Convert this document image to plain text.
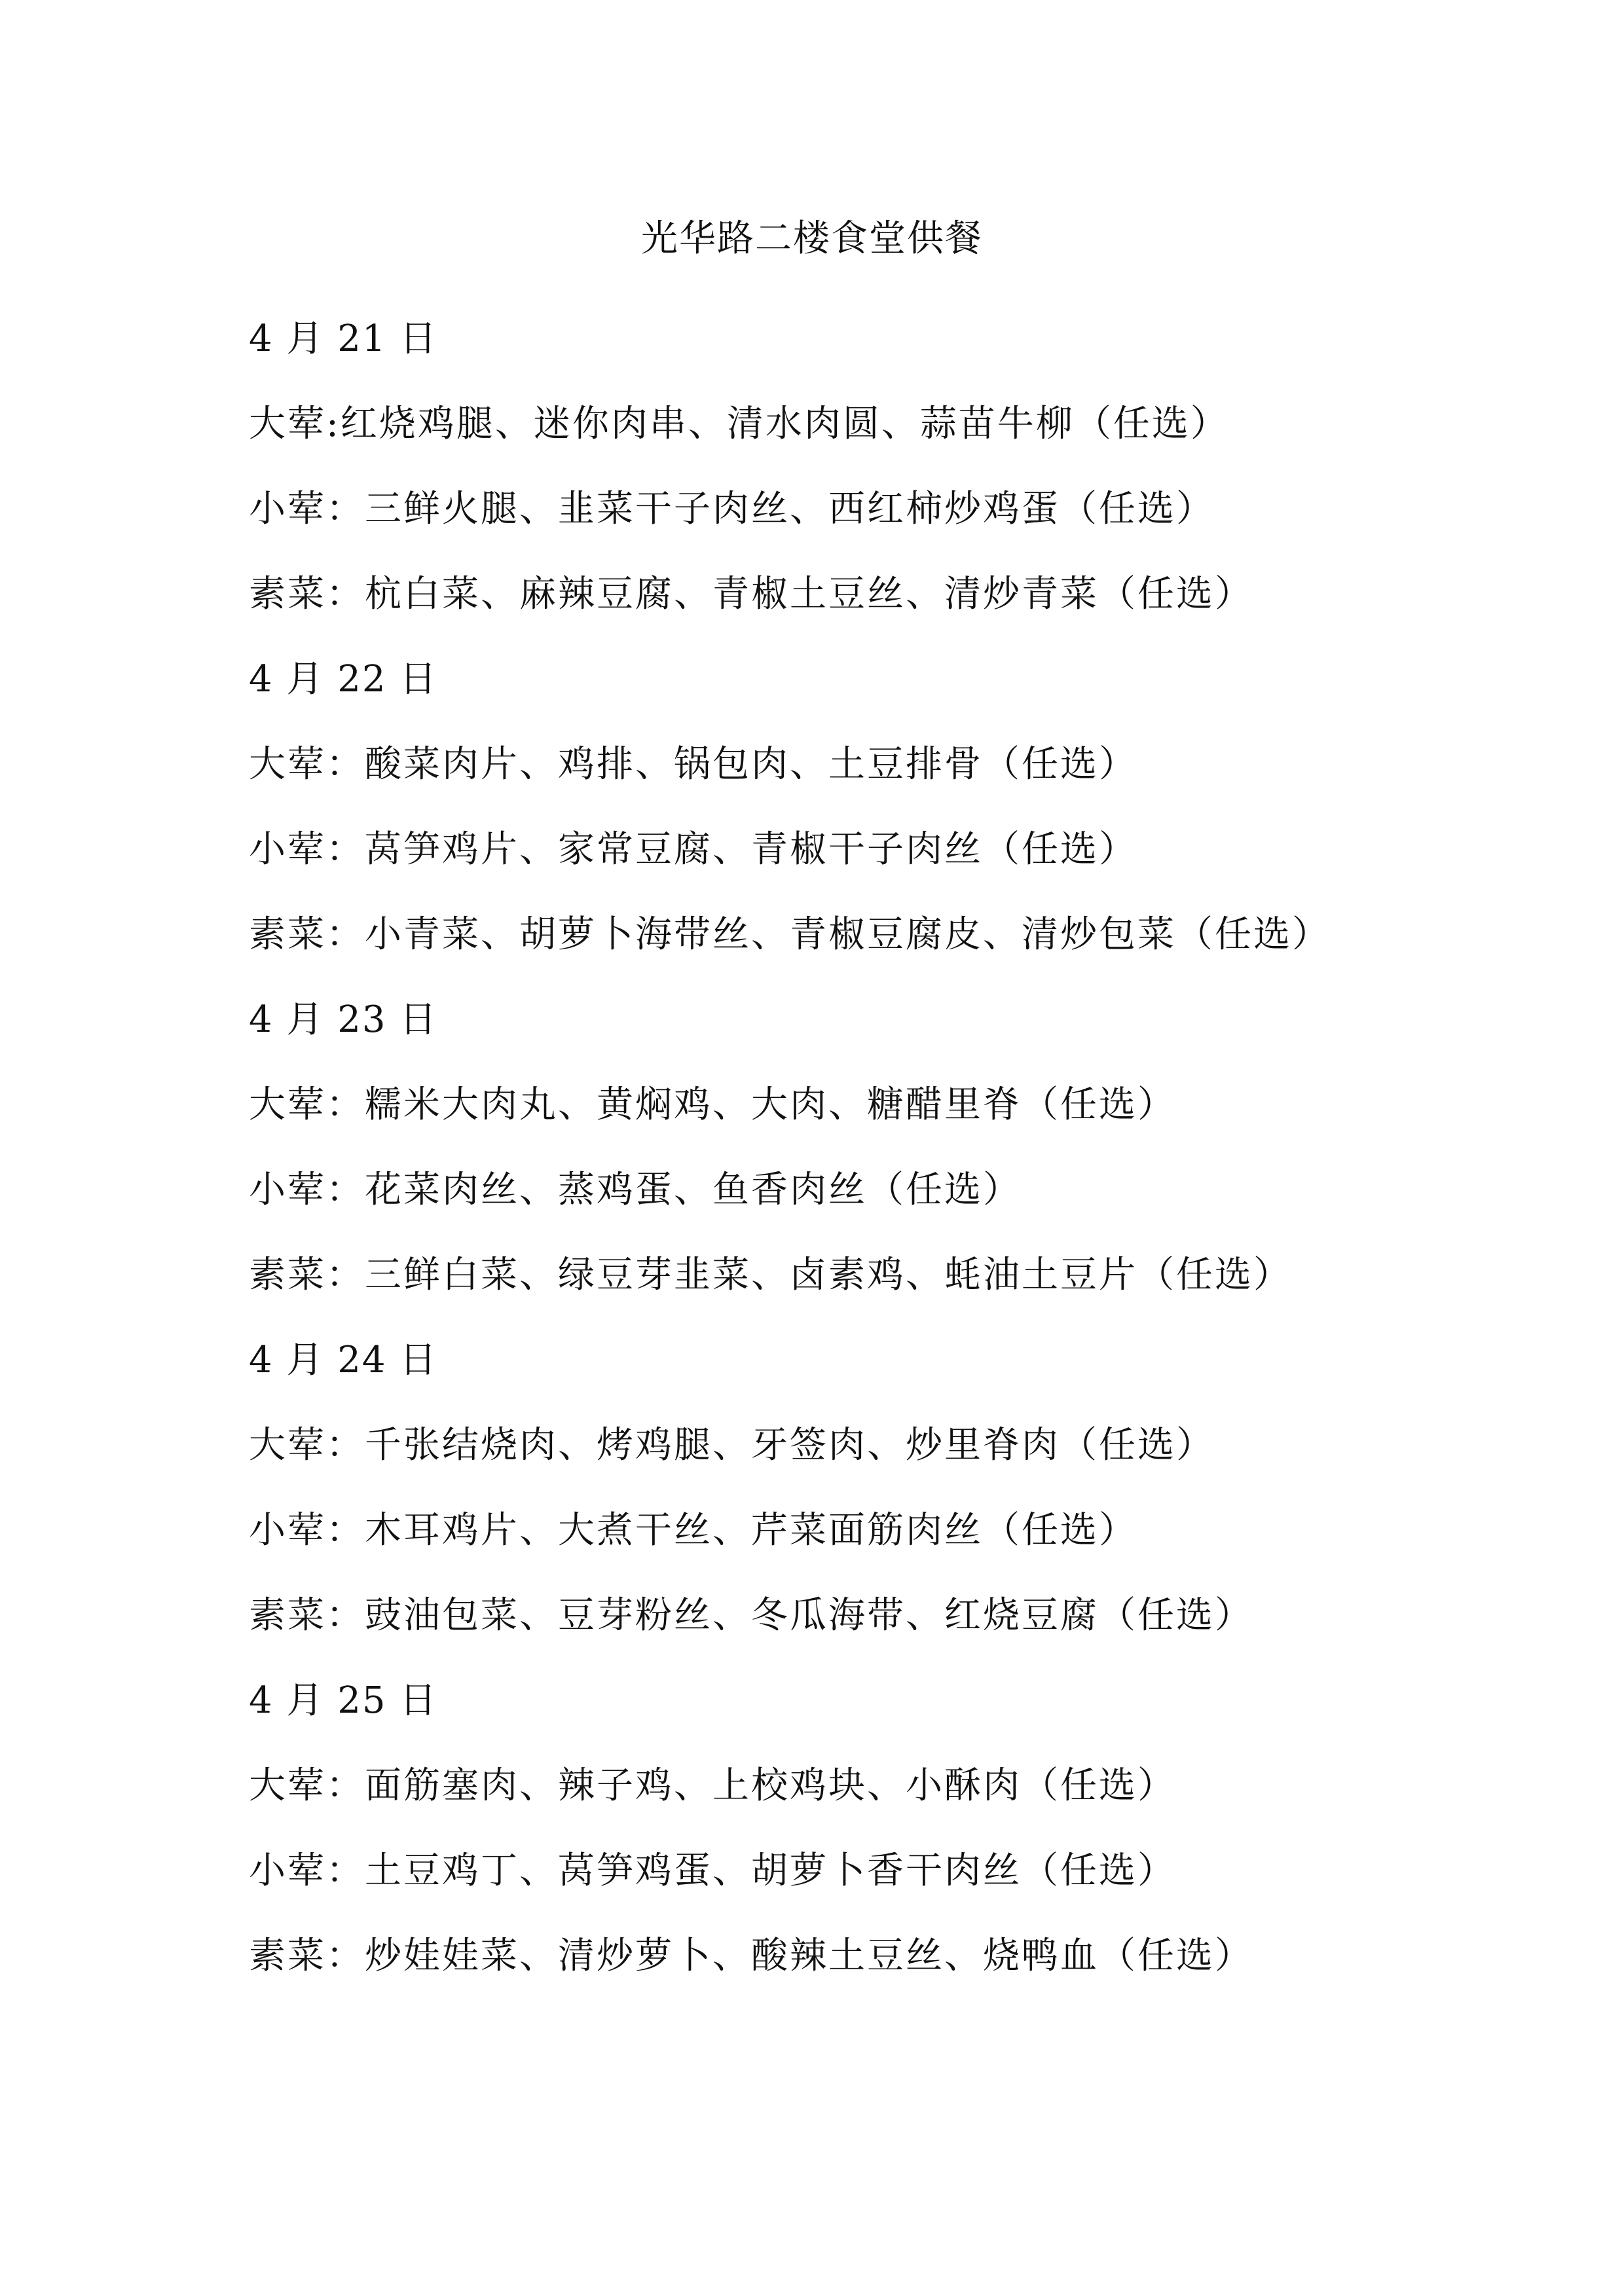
光华路二楼食堂供餐
4 月 21 日
大荤:红烧鸡腿、迷你肉串、清水肉圆、蒜苗牛柳（任选）
小荤：三鲜火腿、韭菜干子肉丝、西红柿炒鸡蛋（任选）
素菜：杭白菜、麻辣豆腐、青椒土豆丝、清炒青菜（任选）
4 月 22 日
大荤：酸菜肉片、鸡排、锅包肉、土豆排骨（任选）
小荤：莴笋鸡片、家常豆腐、青椒干子肉丝（任选）
素菜：小青菜、胡萝卜海带丝、青椒豆腐皮、清炒包菜（任选）
4 月 23 日
大荤：糯米大肉丸、黄焖鸡、大肉、糖醋里脊（任选）
小荤：花菜肉丝、蒸鸡蛋、鱼香肉丝（任选）
素菜：三鲜白菜、绿豆芽韭菜、卤素鸡、蚝油土豆片（任选）
4 月 24 日
大荤：千张结烧肉、烤鸡腿、牙签肉、炒里脊肉（任选）
小荤：木耳鸡片、大煮干丝、芹菜面筋肉丝（任选）
素菜：豉油包菜、豆芽粉丝、冬瓜海带、红烧豆腐（任选）
4 月 25 日
大荤：面筋塞肉、辣子鸡、上校鸡块、小酥肉（任选）
小荤：土豆鸡丁、莴笋鸡蛋、胡萝卜香干肉丝（任选）
素菜：炒娃娃菜、清炒萝卜、酸辣土豆丝、烧鸭血（任选）
